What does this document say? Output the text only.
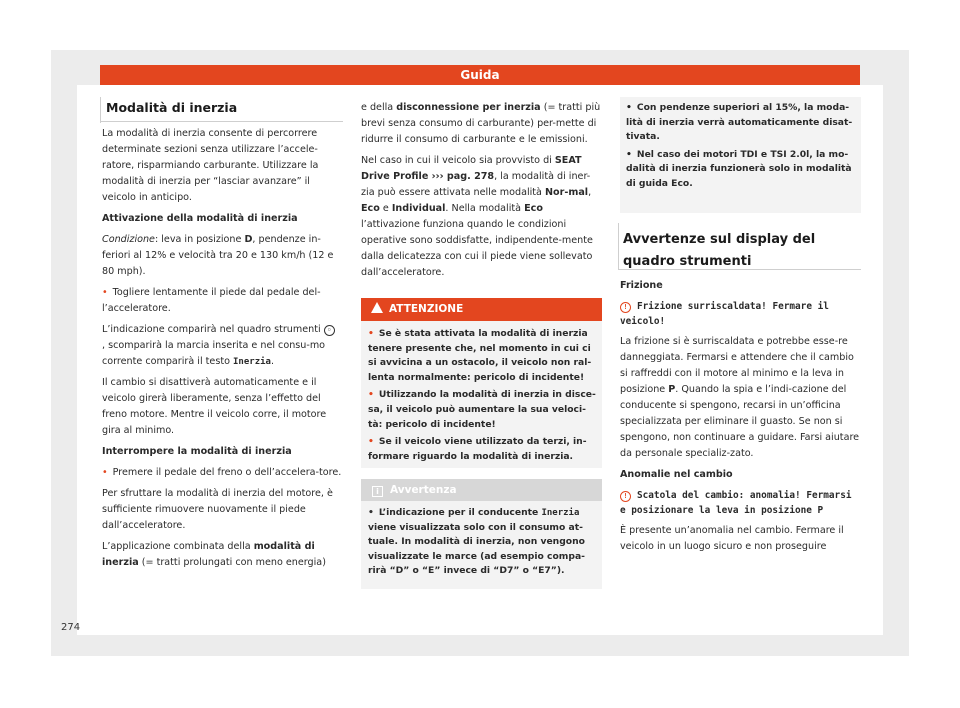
Guida
Modalità di inerzia

La modalità di inerzia consente di percorrere determinate sezioni senza utilizzare l’accele-ratore, risparmiando carburante. Utilizzare la modalità di inerzia per “lasciar avanzare” il veicolo in anticipo.

Attivazione della modalità di inerzia

Condizione: leva in posizione D, pendenze in-feriori al 12% e velocità tra 20 e 130 km/h (12 e 80 mph).

• Togliere lentamente il piede dal pedale del-l’acceleratore.

L’indicazione comparirà nel quadro strumenti ◦, scomparirà la marcia inserita e nel consu-mo corrente comparirà il testo Inerzia.

Il cambio si disattiverà automaticamente e il veicolo girerà liberamente, senza l’effetto del freno motore. Mentre il veicolo corre, il motore gira al minimo.

Interrompere la modalità di inerzia

• Premere il pedale del freno o dell’accelera-tore.

Per sfruttare la modalità di inerzia del motore, è sufficiente rimuovere nuovamente il piede dall’acceleratore.

L’applicazione combinata della modalità di inerzia (= tratti prolungati con meno energia)

e della disconnessione per inerzia (= tratti più brevi senza consumo di carburante) per-mette di ridurre il consumo di carburante e le emissioni.

Nel caso in cui il veicolo sia provvisto di SEAT Drive Profile ››› pag. 278, la modalità di iner-zia può essere attivata nelle modalità Nor-mal, Eco e Individual. Nella modalità Eco l’attivazione funziona quando le condizioni operative sono soddisfatte, indipendente-mente dalla delicatezza con cui il piede viene sollevato dall’acceleratore.

ATTENZIONE

• Se è stata attivata la modalità di inerzia tenere presente che, nel momento in cui ci si avvicina a un ostacolo, il veicolo non ral-lenta normalmente: pericolo di incidente!

• Utilizzando la modalità di inerzia in disce-sa, il veicolo può aumentare la sua veloci-tà: pericolo di incidente!

• Se il veicolo viene utilizzato da terzi, in-formare riguardo la modalità di inerzia.

i Avvertenza
• L’indicazione per il conducente Inerzia viene visualizzata solo con il consumo at-tuale. In modalità di inerzia, non vengono visualizzate le marce (ad esempio compa-rirà “D” o “E” invece di “D7” o “E7”).

• Con pendenze superiori al 15%, la moda-lità di inerzia verrà automaticamente disat-tivata.

• Nel caso dei motori TDI e TSI 2.0l, la mo-dalità di inerzia funzionerà solo in modalità di guida Eco.

Avvertenze sul display del quadro strumenti

Frizione

! Frizione surriscaldata! Fermare il veicolo!

La frizione si è surriscaldata e potrebbe esse-re danneggiata. Fermarsi e attendere che il cambio si raffreddi con il motore al minimo e la leva in posizione P. Quando la spia e l’indi-cazione del conducente si spengono, recarsi in un’officina specializzata per eliminare il guasto. Se non si spengono, non continuare a guidare. Farsi aiutare da personale specializ-zato.

Anomalie nel cambio

! Scatola del cambio: anomalia! Fermarsi e posizionare la leva in posizione P

È presente un’anomalia nel cambio. Fermare il veicolo in un luogo sicuro e non proseguire

274
